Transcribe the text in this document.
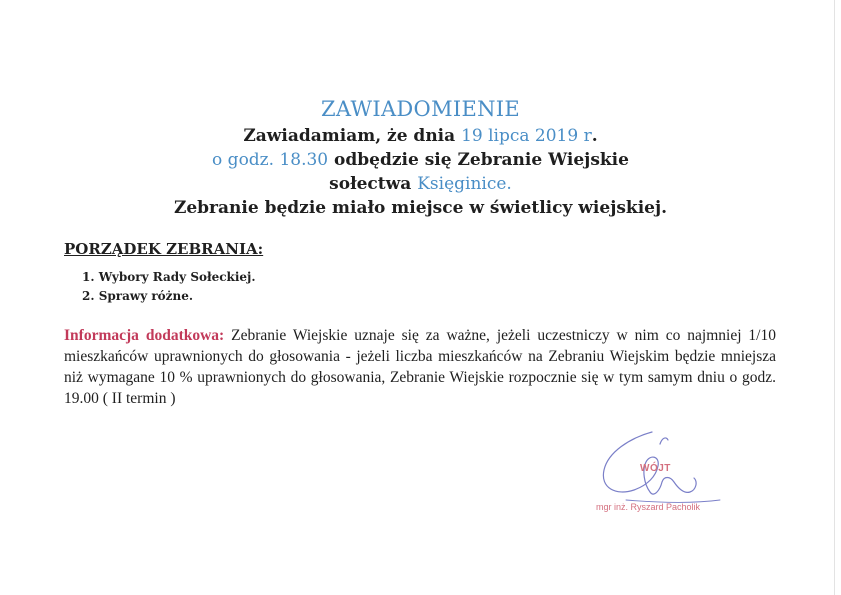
ZAWIADOMIENIE
Zawiadamiam, że dnia 19 lipca 2019 r.
o godz. 18.30 odbędzie się Zebranie Wiejskie
sołectwa Księginice.
Zebranie będzie miało miejsce w świetlicy wiejskiej.
PORZĄDEK ZEBRANIA:
1. Wybory Rady Sołeckiej.
2. Sprawy różne.
Informacja dodatkowa: Zebranie Wiejskie uznaje się za ważne, jeżeli uczestniczy w nim co najmniej 1/10 mieszkańców uprawnionych do głosowania - jeżeli liczba mieszkańców na Zebraniu Wiejskim będzie mniejsza niż wymagane 10 % uprawnionych do głosowania, Zebranie Wiejskie rozpocznie się w tym samym dniu o godz. 19.00 ( II termin )
WÓJT
mgr inż. Ryszard Pacholik
